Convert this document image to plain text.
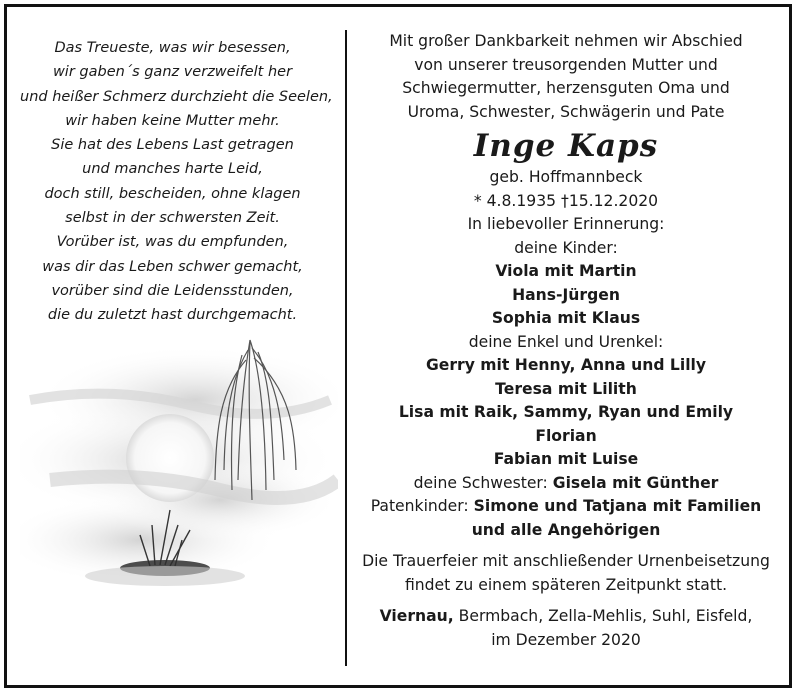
Das Treueste, was wir besessen,
wir gaben´s ganz verzweifelt her
und heißer Schmerz durchzieht die Seelen,
wir haben keine Mutter mehr.
Sie hat des Lebens Last getragen
und manches harte Leid,
doch still, bescheiden, ohne klagen
selbst in der schwersten Zeit.
Vorüber ist, was du empfunden,
was dir das Leben schwer gemacht,
vorüber sind die Leidensstunden,
die du zuletzt hast durchgemacht.
Mit großer Dankbarkeit nehmen wir Abschied
von unserer treusorgenden Mutter und
Schwiegermutter, herzensguten Oma und
Uroma, Schwester, Schwägerin und Pate
Inge Kaps
geb. Hoffmannbeck
* 4.8.1935 †15.12.2020
In liebevoller Erinnerung:
deine Kinder:
Viola mit Martin
Hans-Jürgen
Sophia mit Klaus
deine Enkel und Urenkel:
Gerry mit Henny, Anna und Lilly
Teresa mit Lilith
Lisa mit Raik, Sammy, Ryan und Emily
Florian
Fabian mit Luise
deine Schwester: Gisela mit Günther
Patenkinder: Simone und Tatjana mit Familien
und alle Angehörigen
Die Trauerfeier mit anschließender Urnenbeisetzung
findet zu einem späteren Zeitpunkt statt.
Viernau, Bermbach, Zella-Mehlis, Suhl, Eisfeld,
im Dezember 2020
